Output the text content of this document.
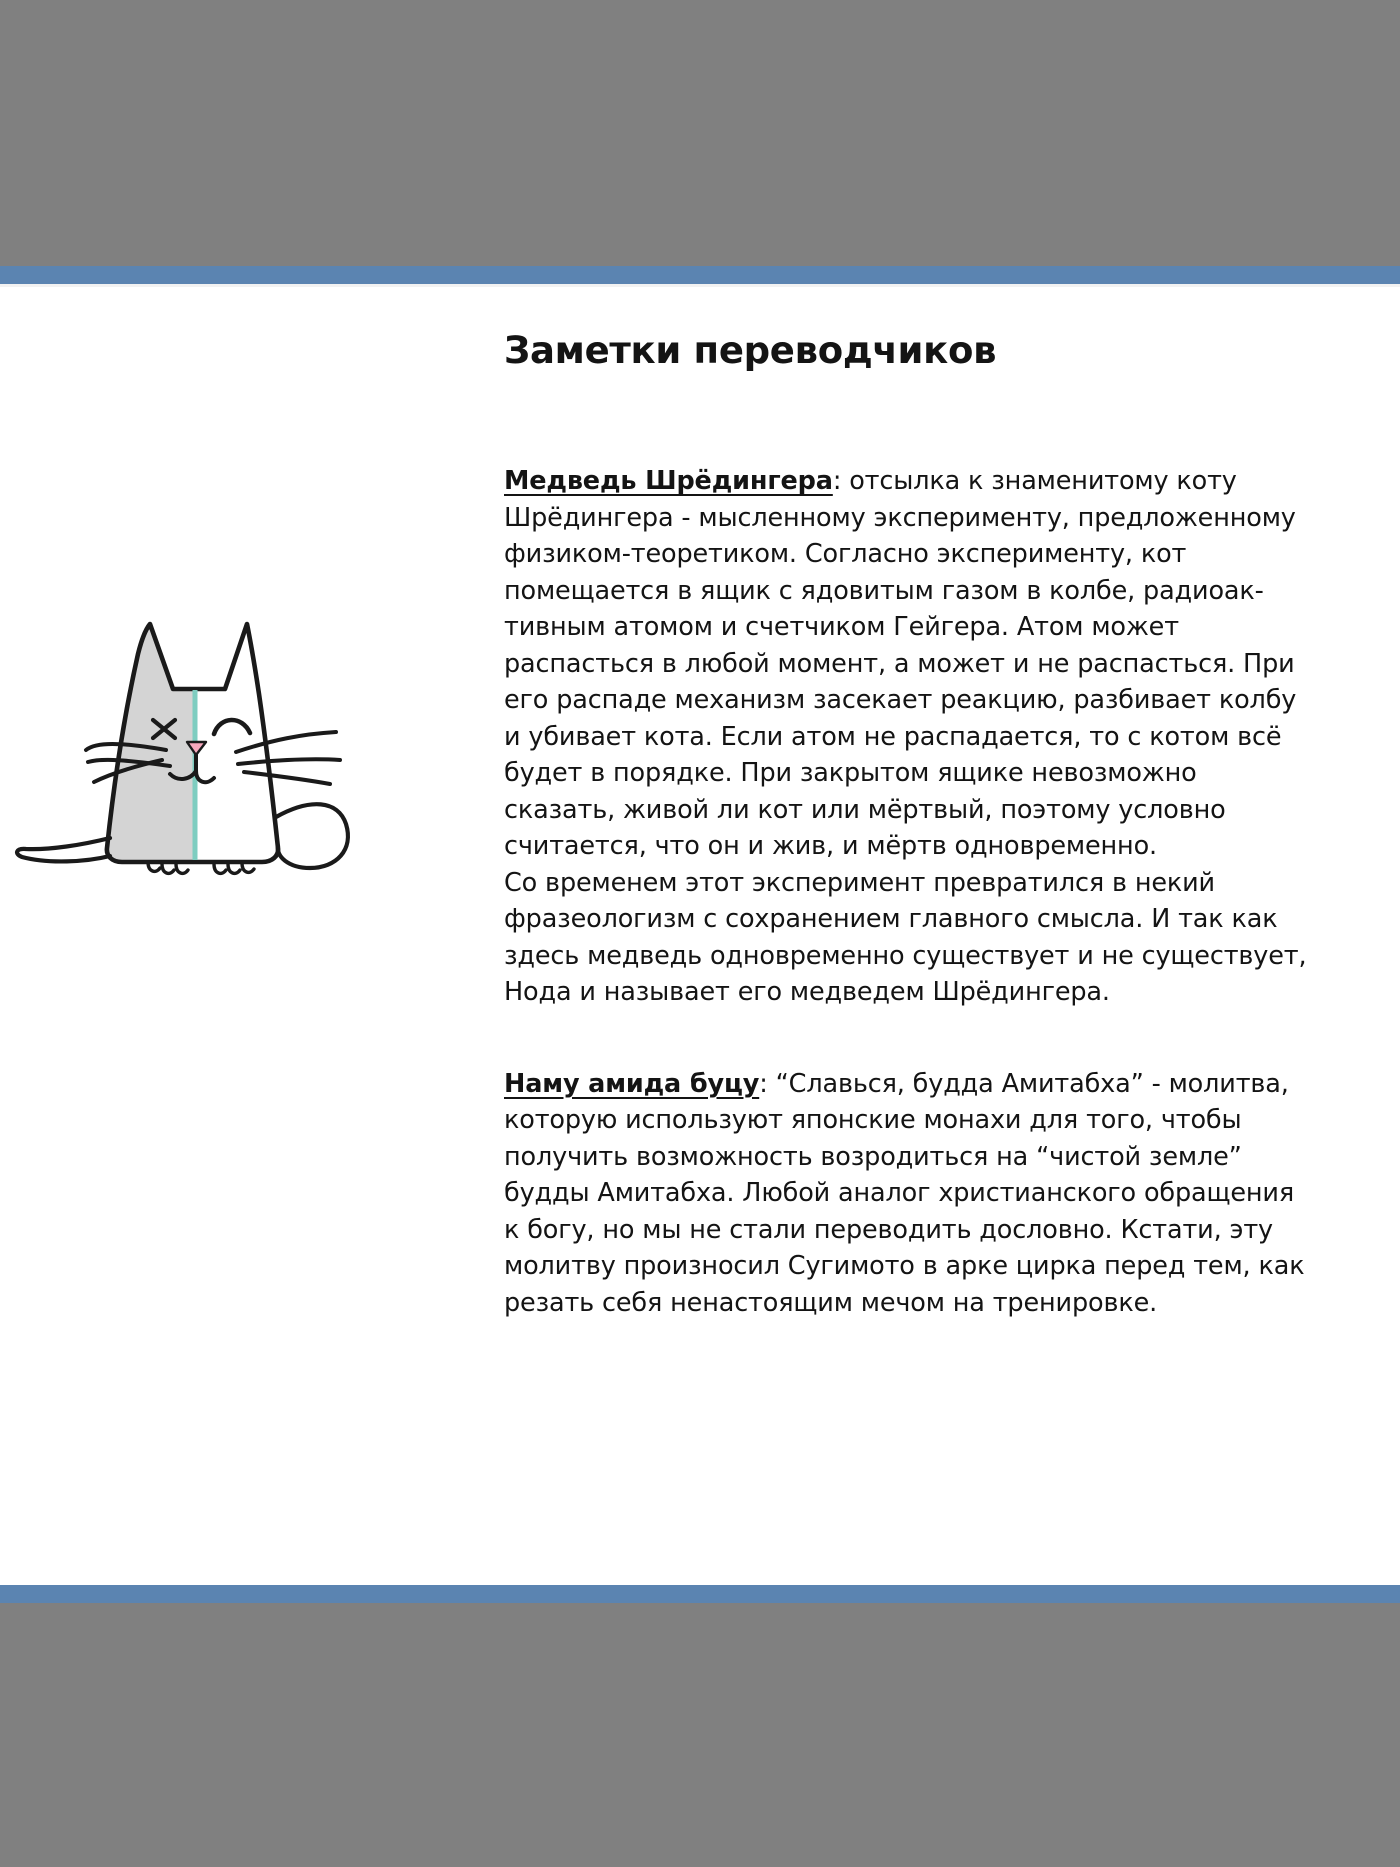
Заметки переводчиков

Медведь Шрёдингера: отсылка к знаменитому коту Шрёдингера - мысленному эксперименту, предложенному физиком-теоретиком. Согласно эксперименту, кот помещается в ящик с ядовитым газом в колбе, радиоак-тивным атомом и счетчиком Гейгера. Атом может распасться в любой момент, а может и не распасться. При его распаде механизм засекает реакцию, разбивает колбу и убивает кота. Если атом не распадается, то с котом всё будет в порядке. При закрытом ящике невозможно сказать, живой ли кот или мёртвый, поэтому условно считается, что он и жив, и мёртв одновременно.

Со временем этот эксперимент превратился в некий фразеологизм с сохранением главного смысла. И так как здесь медведь одновременно существует и не существует, Нода и называет его медведем Шрёдингера.

Наму амида буцу: “Славься, будда Амитабха” - молитва, которую используют японские монахи для того, чтобы получить возможность возродиться на “чистой земле” будды Амитабха. Любой аналог христианского обращения к богу, но мы не стали переводить дословно. Кстати, эту молитву произносил Сугимото в арке цирка перед тем, как резать себя ненастоящим мечом на тренировке.
